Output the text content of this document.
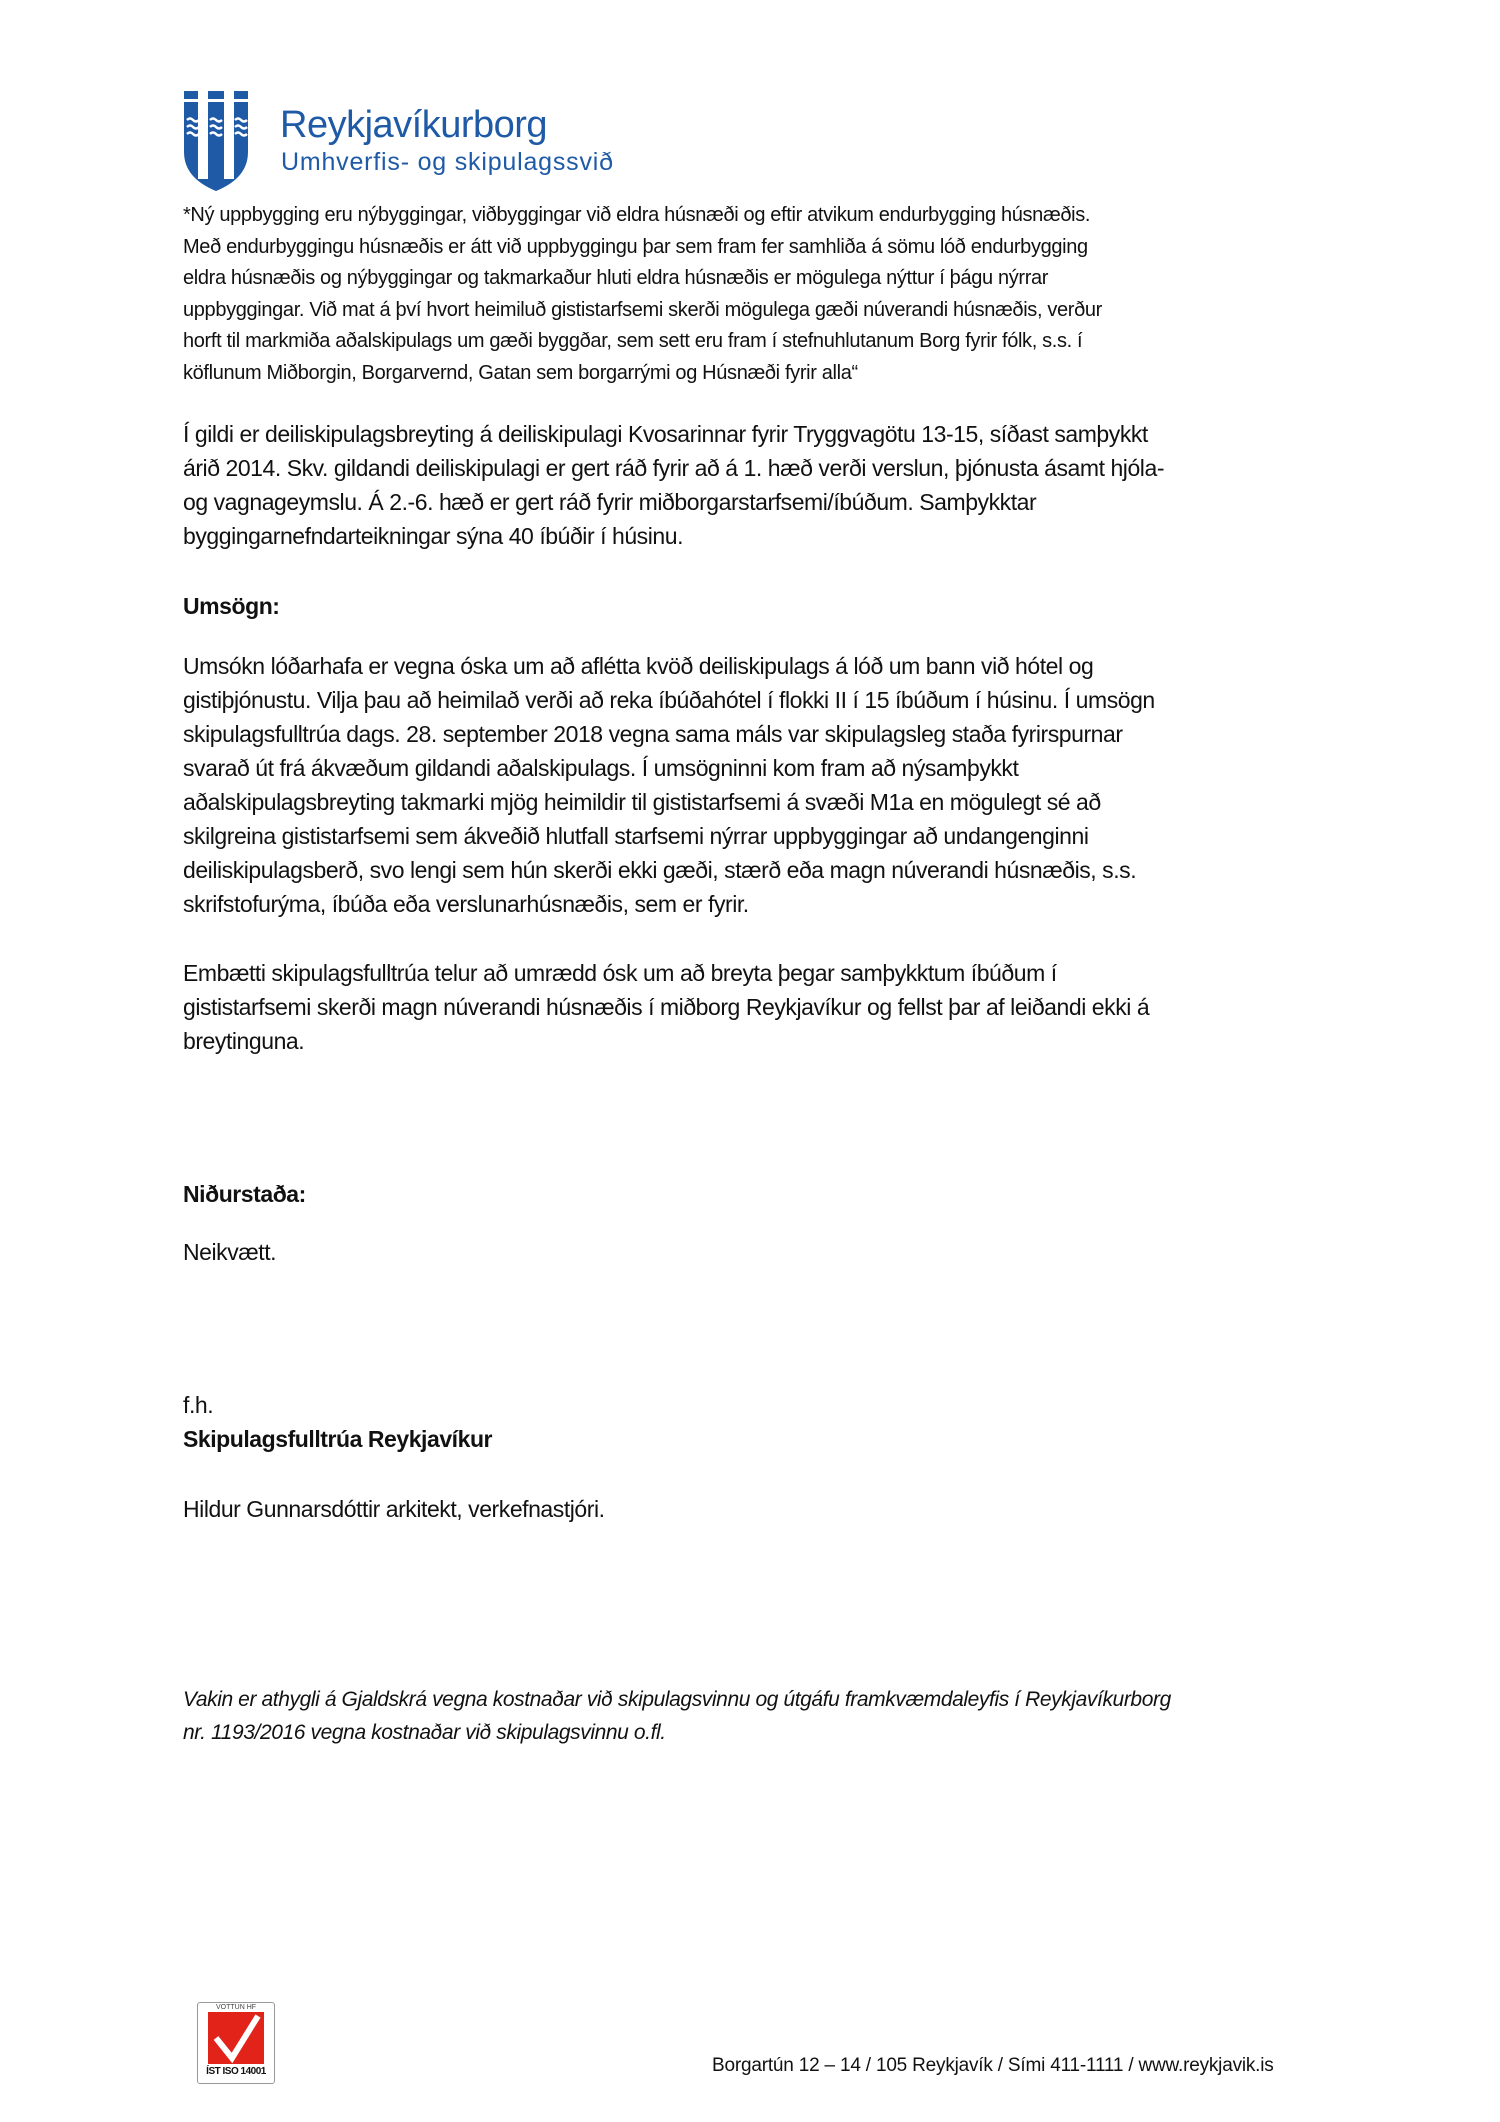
Reykjavíkurborg
Umhverfis- og skipulagssvið
*Ný uppbygging eru nýbyggingar, viðbyggingar við eldra húsnæði og eftir atvikum endurbygging húsnæðis.
Með endurbyggingu húsnæðis er átt við uppbyggingu þar sem fram fer samhliða á sömu lóð endurbygging
eldra húsnæðis og nýbyggingar og takmarkaður hluti eldra húsnæðis er mögulega nýttur í þágu nýrrar
uppbyggingar. Við mat á því hvort heimiluð gististarfsemi skerði mögulega gæði núverandi húsnæðis, verður
horft til markmiða aðalskipulags um gæði byggðar, sem sett eru fram í stefnuhlutanum Borg fyrir fólk, s.s. í
köflunum Miðborgin, Borgarvernd, Gatan sem borgarrými og Húsnæði fyrir alla“
Í gildi er deiliskipulagsbreyting á deiliskipulagi Kvosarinnar fyrir Tryggvagötu 13-15, síðast samþykkt
árið 2014. Skv. gildandi deiliskipulagi er gert ráð fyrir að á 1. hæð verði verslun, þjónusta ásamt hjóla-
og vagnageymslu. Á 2.-6. hæð er gert ráð fyrir miðborgarstarfsemi/íbúðum. Samþykktar
byggingarnefndarteikningar sýna 40 íbúðir í húsinu.
Umsögn:
Umsókn lóðarhafa er vegna óska um að aflétta kvöð deiliskipulags á lóð um bann við hótel og
gistiþjónustu. Vilja þau að heimilað verði að reka íbúðahótel í flokki II í 15 íbúðum í húsinu. Í umsögn
skipulagsfulltrúa dags. 28. september 2018 vegna sama máls var skipulagsleg staða fyrirspurnar
svarað út frá ákvæðum gildandi aðalskipulags. Í umsögninni kom fram að nýsamþykkt
aðalskipulagsbreyting takmarki mjög heimildir til gististarfsemi á svæði M1a en mögulegt sé að
skilgreina gististarfsemi sem ákveðið hlutfall starfsemi nýrrar uppbyggingar að undangenginni
deiliskipulagsberð, svo lengi sem hún skerði ekki gæði, stærð eða magn núverandi húsnæðis, s.s.
skrifstofurýma, íbúða eða verslunarhúsnæðis, sem er fyrir.
Embætti skipulagsfulltrúa telur að umrædd ósk um að breyta þegar samþykktum íbúðum í
gististarfsemi skerði magn núverandi húsnæðis í miðborg Reykjavíkur og fellst þar af leiðandi ekki á
breytinguna.
Niðurstaða:
Neikvætt.
f.h.
Skipulagsfulltrúa Reykjavíkur
Hildur Gunnarsdóttir arkitekt, verkefnastjóri.
Vakin er athygli á Gjaldskrá vegna kostnaðar við skipulagsvinnu og útgáfu framkvæmdaleyfis í Reykjavíkurborg
nr. 1193/2016 vegna kostnaðar við skipulagsvinnu o.fl.
VOTTUN HF
ÍST ISO 14001	Borgartún 12 – 14 / 105 Reykjavík / Sími 411-1111 / www.reykjavik.is
